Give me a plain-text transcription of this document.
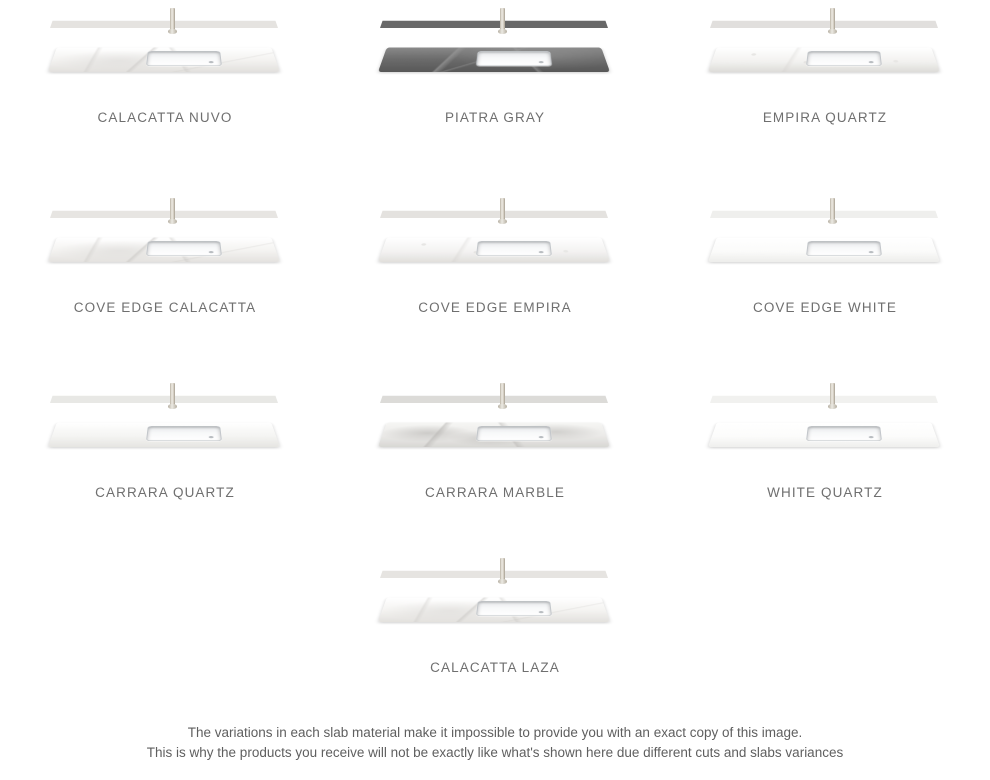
CALACATTA NUVO	PIATRA GRAY	EMPIRA QUARTZ
COVE EDGE CALACATTA	COVE EDGE EMPIRA	COVE EDGE WHITE
CARRARA QUARTZ	CARRARA MARBLE	WHITE QUARTZ
CALACATTA LAZA
The variations in each slab material make it impossible to provide you with an exact copy of this image.
This is why the products you receive will not be exactly like what's shown here due different cuts and slabs variances
